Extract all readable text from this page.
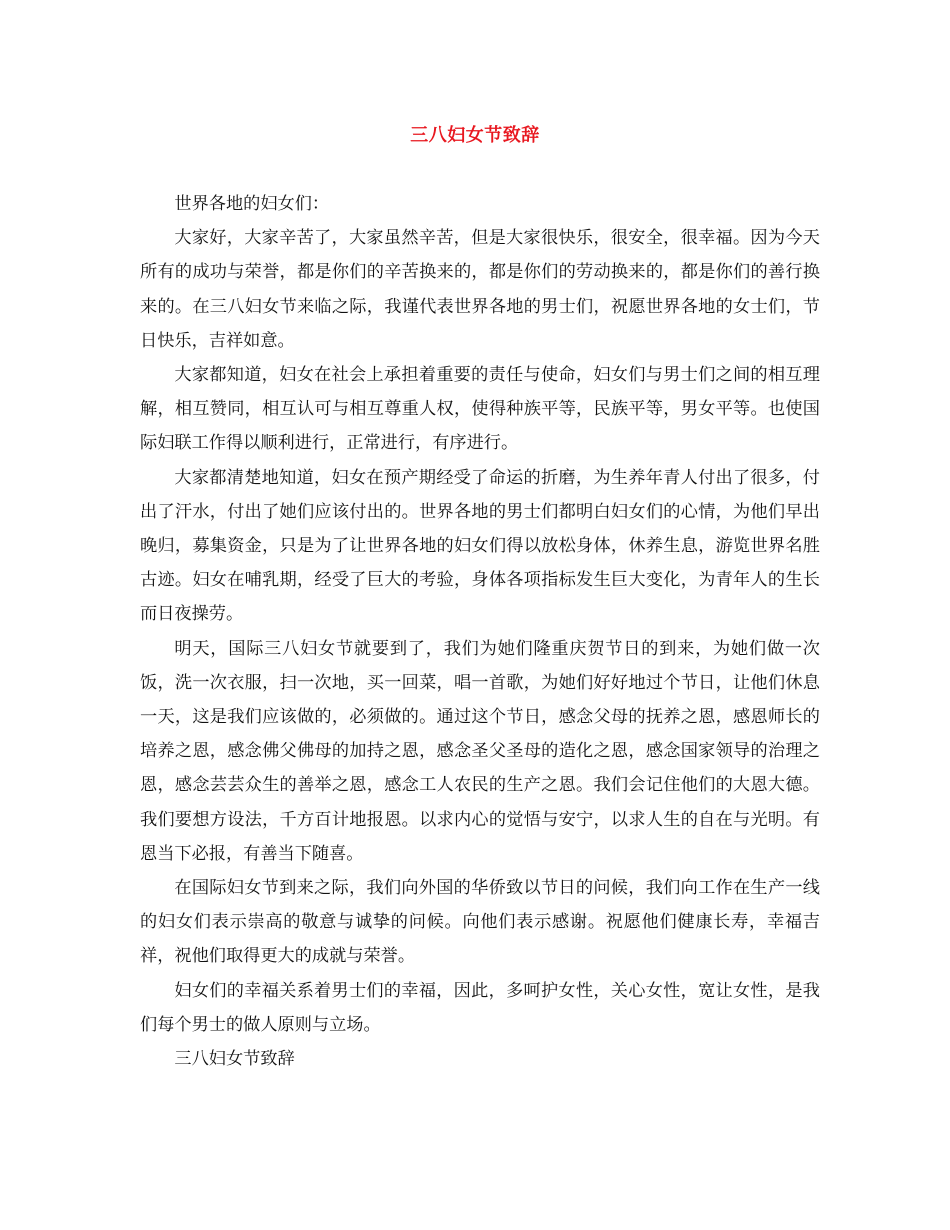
三八妇女节致辞

世界各地的妇女们：

大家好，大家辛苦了，大家虽然辛苦，但是大家很快乐，很安全，很幸福。因为今天所有的成功与荣誉，都是你们的辛苦换来的，都是你们的劳动换来的，都是你们的善行换来的。在三八妇女节来临之际，我谨代表世界各地的男士们，祝愿世界各地的女士们，节日快乐，吉祥如意。

大家都知道，妇女在社会上承担着重要的责任与使命，妇女们与男士们之间的相互理解，相互赞同，相互认可与相互尊重人权，使得种族平等，民族平等，男女平等。也使国际妇联工作得以顺利进行，正常进行，有序进行。

大家都清楚地知道，妇女在预产期经受了命运的折磨，为生养年青人付出了很多，付出了汗水，付出了她们应该付出的。世界各地的男士们都明白妇女们的心情，为他们早出晚归，募集资金，只是为了让世界各地的妇女们得以放松身体，休养生息，游览世界名胜古迹。妇女在哺乳期，经受了巨大的考验，身体各项指标发生巨大变化，为青年人的生长而日夜操劳。

明天，国际三八妇女节就要到了，我们为她们隆重庆贺节日的到来，为她们做一次饭，洗一次衣服，扫一次地，买一回菜，唱一首歌，为她们好好地过个节日，让他们休息一天，这是我们应该做的，必须做的。通过这个节日，感念父母的抚养之恩，感恩师长的培养之恩，感念佛父佛母的加持之恩，感念圣父圣母的造化之恩，感念国家领导的治理之恩，感念芸芸众生的善举之恩，感念工人农民的生产之恩。我们会记住他们的大恩大德。我们要想方设法，千方百计地报恩。以求内心的觉悟与安宁，以求人生的自在与光明。有恩当下必报，有善当下随喜。

在国际妇女节到来之际，我们向外国的华侨致以节日的问候，我们向工作在生产一线的妇女们表示崇高的敬意与诚挚的问候。向他们表示感谢。祝愿他们健康长寿，幸福吉祥，祝他们取得更大的成就与荣誉。

妇女们的幸福关系着男士们的幸福，因此，多呵护女性，关心女性，宽让女性，是我们每个男士的做人原则与立场。

三八妇女节致辞
